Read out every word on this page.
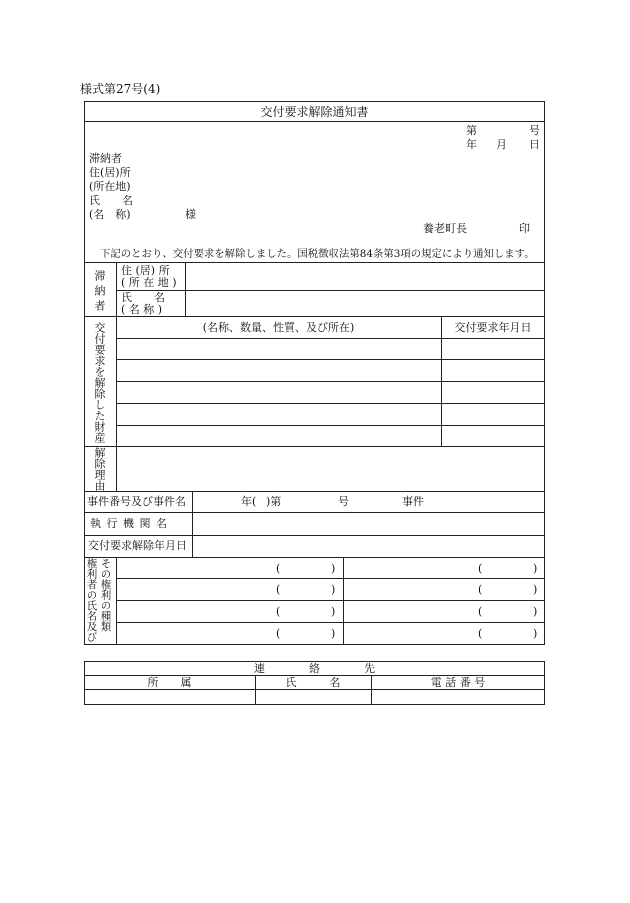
様式第27号(4)
交付要求解除通知書
第	号
年 月 日
滞納者
住(居)所
(所在地)
氏　　名
(名　称)	様
養老町長	印
下記のとおり、交付要求を解除しました。国税徴収法第84条第3項の規定により通知します。
滞納者 住 (居) 所
( 所 在 地 )
氏　　名
( 名 称 )
交付要求を解除した財産	(名称、数量、性質、及び所在)	交付要求年月日
解除理由
事件番号及び事件名	年( )第	号	事件
執 行 機 関 名
交付要求解除年月日
権利者の氏名及び その権利の種類	(	)	(	)
(	)	(	)
(	)	(	)
(	)	(	)
連　　　　絡　　　　先
所　　属	氏　　　名	電 話 番 号
